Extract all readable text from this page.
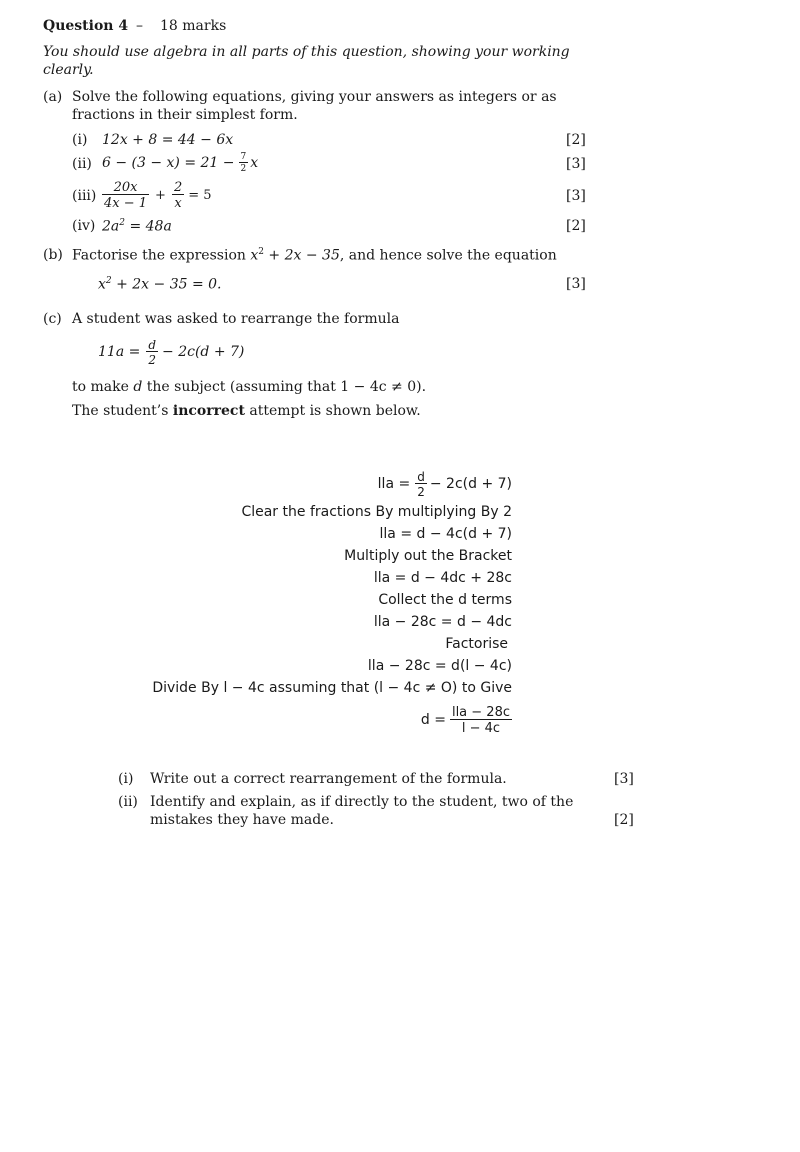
Question 4 – 18 marks
You should use algebra in all parts of this question, showing your working
clearly.
(a) Solve the following equations, giving your answers as integers or as
fractions in their simplest form.
(i) 12x + 8 = 44 − 6x	[2]
(ii) $6 - (3 - x) = 21 - \frac{7}{2}$ x	[3]
$(iii) \frac{20x}{4x - 1} + \frac{2}{x} = 5$	[3]
(iv) $2a^2 = 48a$	[2]
(b) Factorise the expression $x^2 + 2x - 35$, and hence solve the equation
$x^2 + 2x - 35 = 0$.	[3]
(c) A student was asked to rearrange the formula
$11a = \frac{d}{2} - 2c(d + 7)$
to make d the subject (assuming that 1 − 4c ≠ 0).
The student’s incorrect attempt is shown below.
lla = $\frac{d}{2} - 2c(d + 7)$
Clear the fractions By multiplying By 2
lla = d − 4c(d + 7)
Multiply out the Bracket
lla = d − 4dc + 28c
Collect the d terms
lla − 28c = d − 4dc
Factorise
lla − 28c = d(l − 4c)
Divide By l − 4c assuming that (l − 4c ≠ O) to Give
$d = \frac{\text{lla − 28c}}{l - 4c}$
(i) Write out a correct rearrangement of the formula.	[3]
(ii) Identify and explain, as if directly to the student, two of the
mistakes they have made.	[2]
